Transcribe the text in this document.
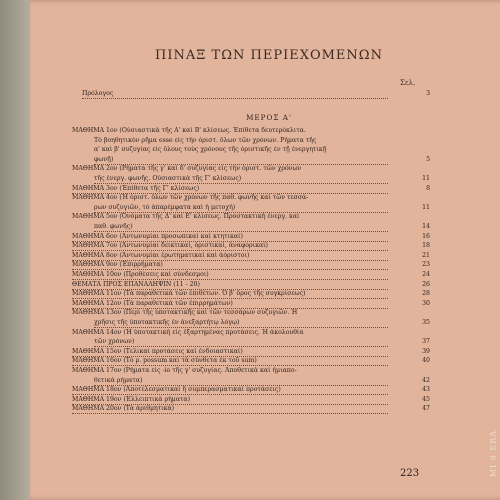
ΠΙΝΑΞ ΤΩΝ ΠΕΡΙΕΧΟΜΕΝΩΝ
Σελ.
Πρόλογος	3
ΜΕΡΟΣ Α'
ΜΑΘΗΜΑ 1ον (Οὐσιαστικὰ τῆς Α' καὶ Β' κλίσεως. Ἐπίθετα δευτερόκλιτα.
Τὸ βοηθητικὸν ρῆμα esse εἰς τὴν ὁριστ. ὅλων τῶν χρόνων. Ρήματα τῆς
α' καὶ β' συζυγίας εἰς ὅλους τοὺς χρόνους τῆς ὁριστικῆς ἐν τῇ ἐνεργητικῇ
φωνῇ)	5
ΜΑΘΗΜΑ 2ον (Ρήματα τῆς γ' καὶ δ' συζυγίας εἰς τὴν ὁριστ. τῶν χρόνων
τῆς ἐνεργ. φωνῆς. Οὐσιαστικὰ τῆς Γ' κλίσεως)	11
ΜΑΘΗΜΑ 3ον (Ἐπίθετα τῆς Γ' κλίσεως)	8
ΜΑΘΗΜΑ 4ον (Ἡ ὁριστ. ὅλων τῶν χρόνων τῆς παθ. φωνῆς καὶ τῶν τεσσά-
ρων συζυγιῶν, τὸ ἀπαρέμφατα καὶ ἡ μετοχή)	11
ΜΑΘΗΜΑ 5ον (Ὀνόματα τῆς Δ' καὶ Ε' κλίσεως. Προστακτικὴ ἐνεργ. καὶ
παθ. φωνῆς)	14
ΜΑΘΗΜΑ 6ον (Ἀντωνυμίαι προσωπικαὶ καὶ κτητικαί)	16
ΜΑΘΗΜΑ 7ον (Ἀντωνυμίαι δεικτικαί, ὁριστικαί, ἀναφορικαί)	18
ΜΑΘΗΜΑ 8ον (Ἀντωνυμίαι ἐρωτηματικαὶ καὶ ἀόριστοι)	21
ΜΑΘΗΜΑ 9ον (Ἐπιρρήματα)	23
ΜΑΘΗΜΑ 10ον (Προθέσεις καὶ σύνδεσμοι)	24
ΘΕΜΑΤΑ ΠΡΟΣ ΕΠΑΝΑΛΗΨΙΝ (11 - 20)	26
ΜΑΘΗΜΑ 11ον (Τὰ παραθετικὰ τῶν ἐπιθέτων. Ὁ β' ὅρος τῆς συγκρίσεως)	28
ΜΑΘΗΜΑ 12ον (Τὰ παραθετικὰ τῶν ἐπιρρημάτων)	30
ΜΑΘΗΜΑ 13ον (Περὶ τῆς ὑποτακτικῆς καὶ τῶν τεσσάρων συζυγιῶν. Ἡ
χρῆσις τῆς ὑποτακτικῆς ἐν ἀνεξαρτήτῳ λόγῳ)	35
ΜΑΘΗΜΑ 14ον (Ἡ ὑποτακτικὴ εἰς ἐξαρτημένας προτάσεις. Ἡ ἀκολουθία
τῶν χρόνων)	37
ΜΑΘΗΜΑ 15ον (Τελικαὶ προτάσεις καὶ ἐνδοιαστικαί)	39
ΜΑΘΗΜΑ 16ον (Τὸ ρ. possum καὶ τὰ σύνθετα ἐκ τοῦ sum)	40
ΜΑΘΗΜΑ 17ον (Ρήματα εἰς -io τῆς γ' συζυγίας. Ἀποθετικὰ καὶ ἡμιαπο-
θετικὰ ρήματα)	42
ΜΑΘΗΜΑ 18ον (Ἀποτελεσματικαὶ ἢ συμπερασματικαὶ προτάσεις)	43
ΜΑΘΗΜΑ 19ον (Ἐλλειπτικὰ ρήματα)	45
ΜΑΘΗΜΑ 20ον (Τὰ ἀριθμητικά)	47
223	MI 9 ERA
